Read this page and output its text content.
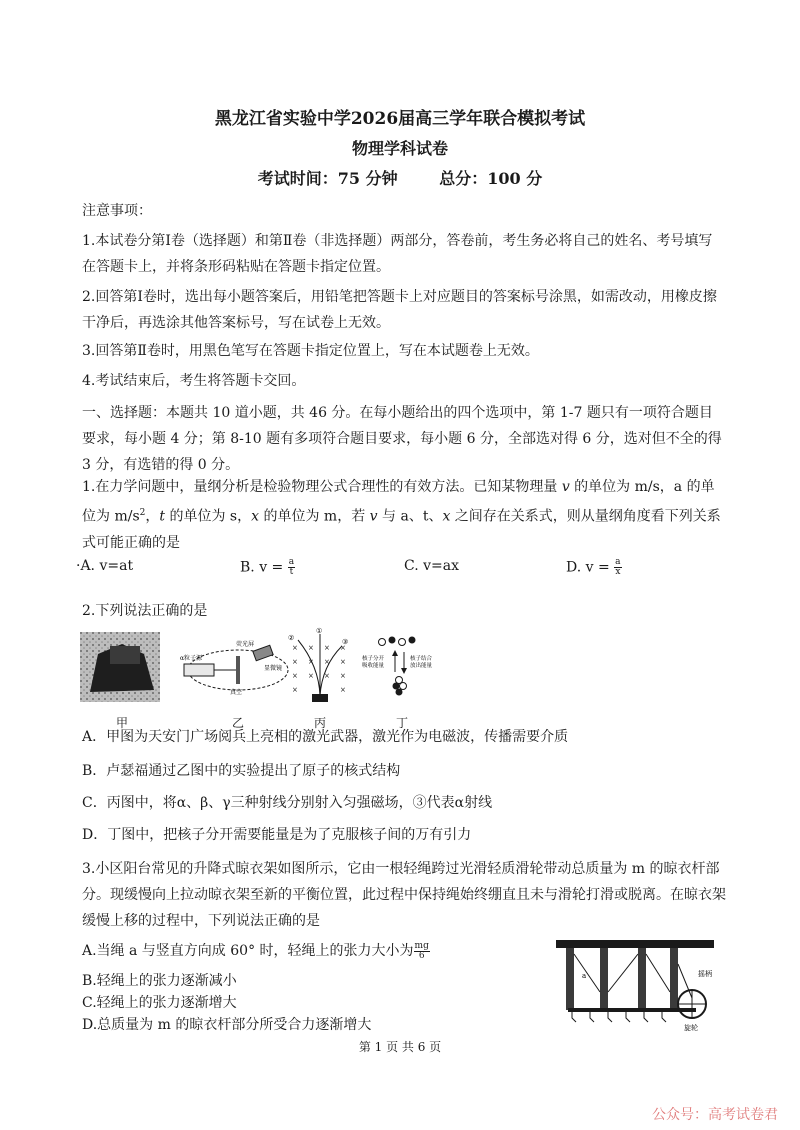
黑龙江省实验中学2026届高三学年联合模拟考试
物理学科试卷
考试时间：75 分钟	总分：100 分
注意事项：
1.本试卷分第Ⅰ卷（选择题）和第Ⅱ卷（非选择题）两部分，答卷前，考生务必将自己的姓名、考号填写在答题卡上，并将条形码粘贴在答题卡指定位置。
2.回答第Ⅰ卷时，选出每小题答案后，用铅笔把答题卡上对应题目的答案标号涂黑，如需改动，用橡皮擦干净后，再选涂其他答案标号，写在试卷上无效。
3.回答第Ⅱ卷时，用黑色笔写在答题卡指定位置上，写在本试题卷上无效。
4.考试结束后，考生将答题卡交回。
一、选择题：本题共 10 道小题，共 46 分。在每小题给出的四个选项中，第 1-7 题只有一项符合题目要求，每小题 4 分；第 8-10 题有多项符合题目要求，每小题 6 分，全部选对得 6 分，选对但不全的得 3 分，有选错的得 0 分。
1.在力学问题中，量纲分析是检验物理公式合理性的有效方法。已知某物理量 v 的单位为 m/s，a 的单位为 $m/s^2$，t 的单位为 s，x 的单位为 m，若 v 与 a、t、x 之间存在关系式，则从量纲角度看下列关系式可能正确的是
·A. v=at	B. $v = \frac{a}{t}$	C. v=ax	D. $v = \frac{a}{x}$
2.下列说法正确的是
甲
荧光屏
α粒子源
显微镜
真空
乙
× × × ×
× × × ×
× × × ×
×	×
①
②	③
丙
核子分开
吸收能量
核子结合
放出能量
丁
A．甲图为天安门广场阅兵上亮相的激光武器，激光作为电磁波，传播需要介质
B．卢瑟福通过乙图中的实验提出了原子的核式结构
C．丙图中，将α、β、γ三种射线分别射入匀强磁场，③代表α射线
D．丁图中，把核子分开需要能量是为了克服核子间的万有引力
3.小区阳台常见的升降式晾衣架如图所示，它由一根轻绳跨过光滑轻质滑轮带动总质量为 m 的晾衣杆部分。现缓慢向上拉动晾衣架至新的平衡位置，此过程中保持绳始终绷直且未与滑轮打滑或脱离。在晾衣架缓慢上移的过程中，下列说法正确的是
A.当绳 a 与竖直方向成 60° 时，轻绳上的张力大小为 $\frac{mg}{6}$
B.轻绳上的张力逐渐减小
C.轻绳上的张力逐渐增大
D.总质量为 m 的晾衣杆部分所受合力逐渐增大
a	摇柄
旋轮
第 1 页 共 6 页
公众号：高考试卷君
